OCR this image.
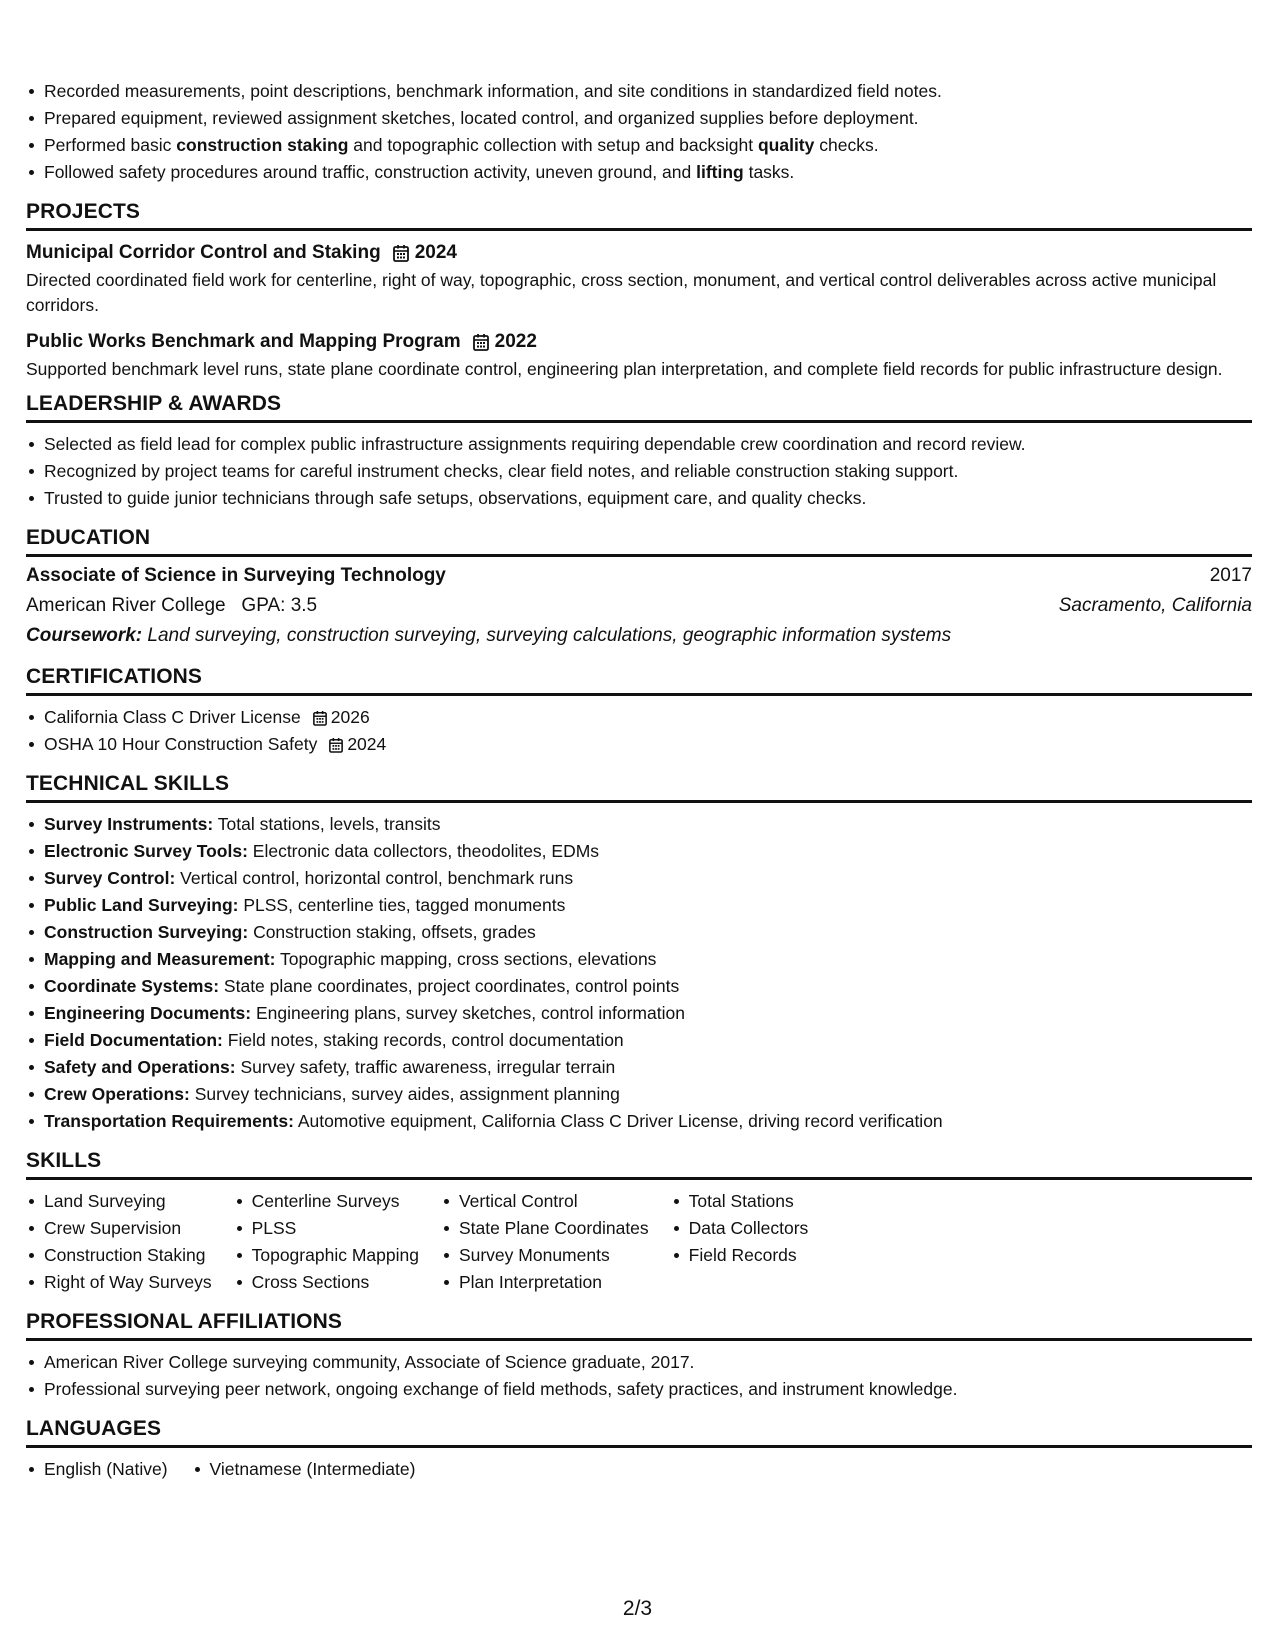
Recorded measurements, point descriptions, benchmark information, and site conditions in standardized field notes.
Prepared equipment, reviewed assignment sketches, located control, and organized supplies before deployment.
Performed basic construction staking and topographic collection with setup and backsight quality checks.
Followed safety procedures around traffic, construction activity, uneven ground, and lifting tasks.
PROJECTS
Municipal Corridor Control and Staking 2024
Directed coordinated field work for centerline, right of way, topographic, cross section, monument, and vertical control deliverables across active municipal corridors.
Public Works Benchmark and Mapping Program 2022
Supported benchmark level runs, state plane coordinate control, engineering plan interpretation, and complete field records for public infrastructure design.
LEADERSHIP & AWARDS
Selected as field lead for complex public infrastructure assignments requiring dependable crew coordination and record review.
Recognized by project teams for careful instrument checks, clear field notes, and reliable construction staking support.
Trusted to guide junior technicians through safe setups, observations, equipment care, and quality checks.
EDUCATION
Associate of Science in Surveying Technology	2017
American River College GPA: 3.5	Sacramento, California
Coursework: Land surveying, construction surveying, surveying calculations, geographic information systems
CERTIFICATIONS
California Class C Driver License 2026
OSHA 10 Hour Construction Safety 2024
TECHNICAL SKILLS
Survey Instruments: Total stations, levels, transits
Electronic Survey Tools: Electronic data collectors, theodolites, EDMs
Survey Control: Vertical control, horizontal control, benchmark runs
Public Land Surveying: PLSS, centerline ties, tagged monuments
Construction Surveying: Construction staking, offsets, grades
Mapping and Measurement: Topographic mapping, cross sections, elevations
Coordinate Systems: State plane coordinates, project coordinates, control points
Engineering Documents: Engineering plans, survey sketches, control information
Field Documentation: Field notes, staking records, control documentation
Safety and Operations: Survey safety, traffic awareness, irregular terrain
Crew Operations: Survey technicians, survey aides, assignment planning
Transportation Requirements: Automotive equipment, California Class C Driver License, driving record verification
SKILLS
Land Surveying
Crew Supervision
Construction Staking
Right of Way Surveys
Centerline Surveys
PLSS
Topographic Mapping
Cross Sections
Vertical Control
State Plane Coordinates
Survey Monuments
Plan Interpretation
Total Stations
Data Collectors
Field Records
PROFESSIONAL AFFILIATIONS
American River College surveying community, Associate of Science graduate, 2017.
Professional surveying peer network, ongoing exchange of field methods, safety practices, and instrument knowledge.
LANGUAGES
English (Native)	Vietnamese (Intermediate)
2/3
